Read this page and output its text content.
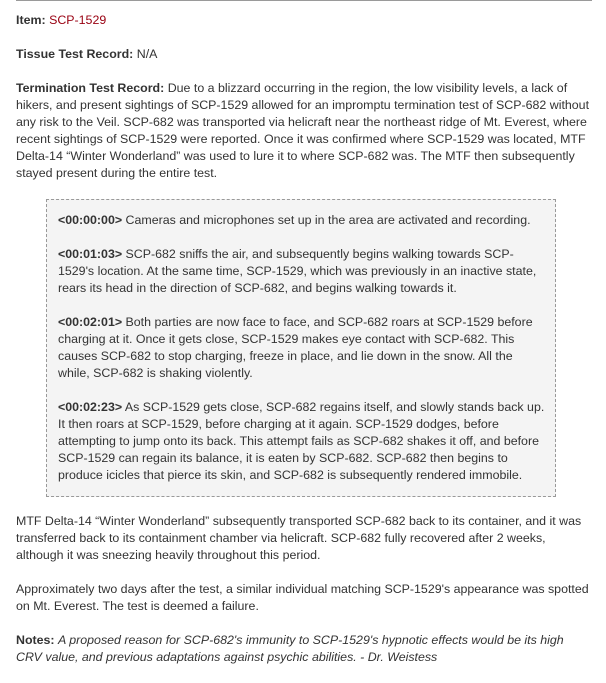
Item: SCP-1529

Tissue Test Record: N/A

Termination Test Record: Due to a blizzard occurring in the region, the low visibility levels, a lack of hikers, and present sightings of SCP-1529 allowed for an impromptu termination test of SCP-682 without any risk to the Veil. SCP-682 was transported via helicraft near the northeast ridge of Mt. Everest, where recent sightings of SCP-1529 were reported. Once it was confirmed where SCP-1529 was located, MTF Delta-14 “Winter Wonderland” was used to lure it to where SCP-682 was. The MTF then subsequently stayed present during the entire test.

<00:00:00> Cameras and microphones set up in the area are activated and recording.

<00:01:03> SCP-682 sniffs the air, and subsequently begins walking towards SCP-1529's location. At the same time, SCP-1529, which was previously in an inactive state, rears its head in the direction of SCP-682, and begins walking towards it.

<00:02:01> Both parties are now face to face, and SCP-682 roars at SCP-1529 before charging at it. Once it gets close, SCP-1529 makes eye contact with SCP-682. This causes SCP-682 to stop charging, freeze in place, and lie down in the snow. All the while, SCP-682 is shaking violently.

<00:02:23> As SCP-1529 gets close, SCP-682 regains itself, and slowly stands back up. It then roars at SCP-1529, before charging at it again. SCP-1529 dodges, before attempting to jump onto its back. This attempt fails as SCP-682 shakes it off, and before SCP-1529 can regain its balance, it is eaten by SCP-682. SCP-682 then begins to produce icicles that pierce its skin, and SCP-682 is subsequently rendered immobile.

MTF Delta-14 “Winter Wonderland” subsequently transported SCP-682 back to its container, and it was transferred back to its containment chamber via helicraft. SCP-682 fully recovered after 2 weeks, although it was sneezing heavily throughout this period.

Approximately two days after the test, a similar individual matching SCP-1529's appearance was spotted on Mt. Everest. The test is deemed a failure.

Notes: A proposed reason for SCP-682's immunity to SCP-1529's hypnotic effects would be its high CRV value, and previous adaptations against psychic abilities. - Dr. Weistess
